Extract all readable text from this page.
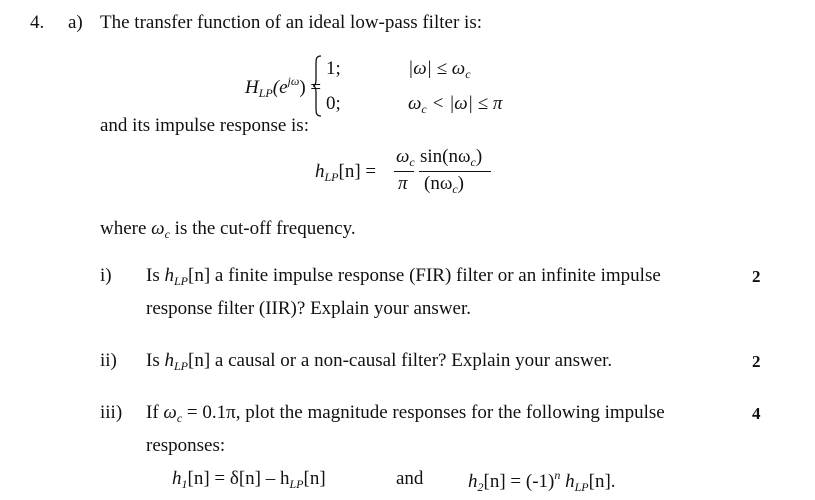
4. a) The transfer function of an ideal low-pass filter is:
$H_{LP}(e^{j\omega})$ =
1;	$|\omega| \le \omega_c$
0;	$\omega_c < |\omega| \le \pi$
and its impulse response is:
$h_{LP}[n]$ =
$\omega_c$
π
$\sin(n\omega_c)$
$(n\omega_c)$
where $\omega_c$ is the cut-off frequency.
i) Is $h_{LP}[n]$ a finite impulse response (FIR) filter or an infinite impulse
response filter (IIR)? Explain your answer.
2
ii) Is $h_{LP}[n]$ a causal or a non-causal filter? Explain your answer.	2
iii) If $\omega_c = 0.1\pi$, plot the magnitude responses for the following impulse
responses:
4
$h_1[n] = \delta[n] - h_{LP}[n]$	and $h_2[n] = (-1)^n$ $h_{LP}[n]$.
